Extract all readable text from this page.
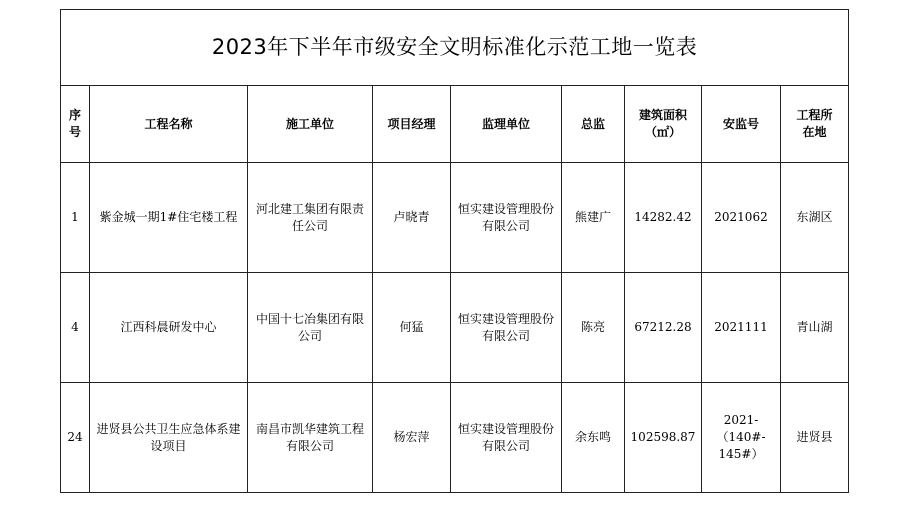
2023年下半年市级安全文明标准化示范工地一览表								
序号	工程名称	施工单位	项目经理	监理单位	总监	建筑面积（㎡）	安监号	工程所在地
1	紫金城一期1#住宅楼工程	河北建工集团有限责任公司	卢晓青	恒实建设管理股份有限公司	熊建广	14282.42	2021062	东湖区
4	江西科晨研发中心	中国十七冶集团有限公司	何猛	恒实建设管理股份有限公司	陈亮	67212.28	2021111	青山湖
24	进贤县公共卫生应急体系建设项目	南昌市凯华建筑工程有限公司	杨宏萍	恒实建设管理股份有限公司	余东鸣	102598.87	2021-（140#-145#）	进贤县
